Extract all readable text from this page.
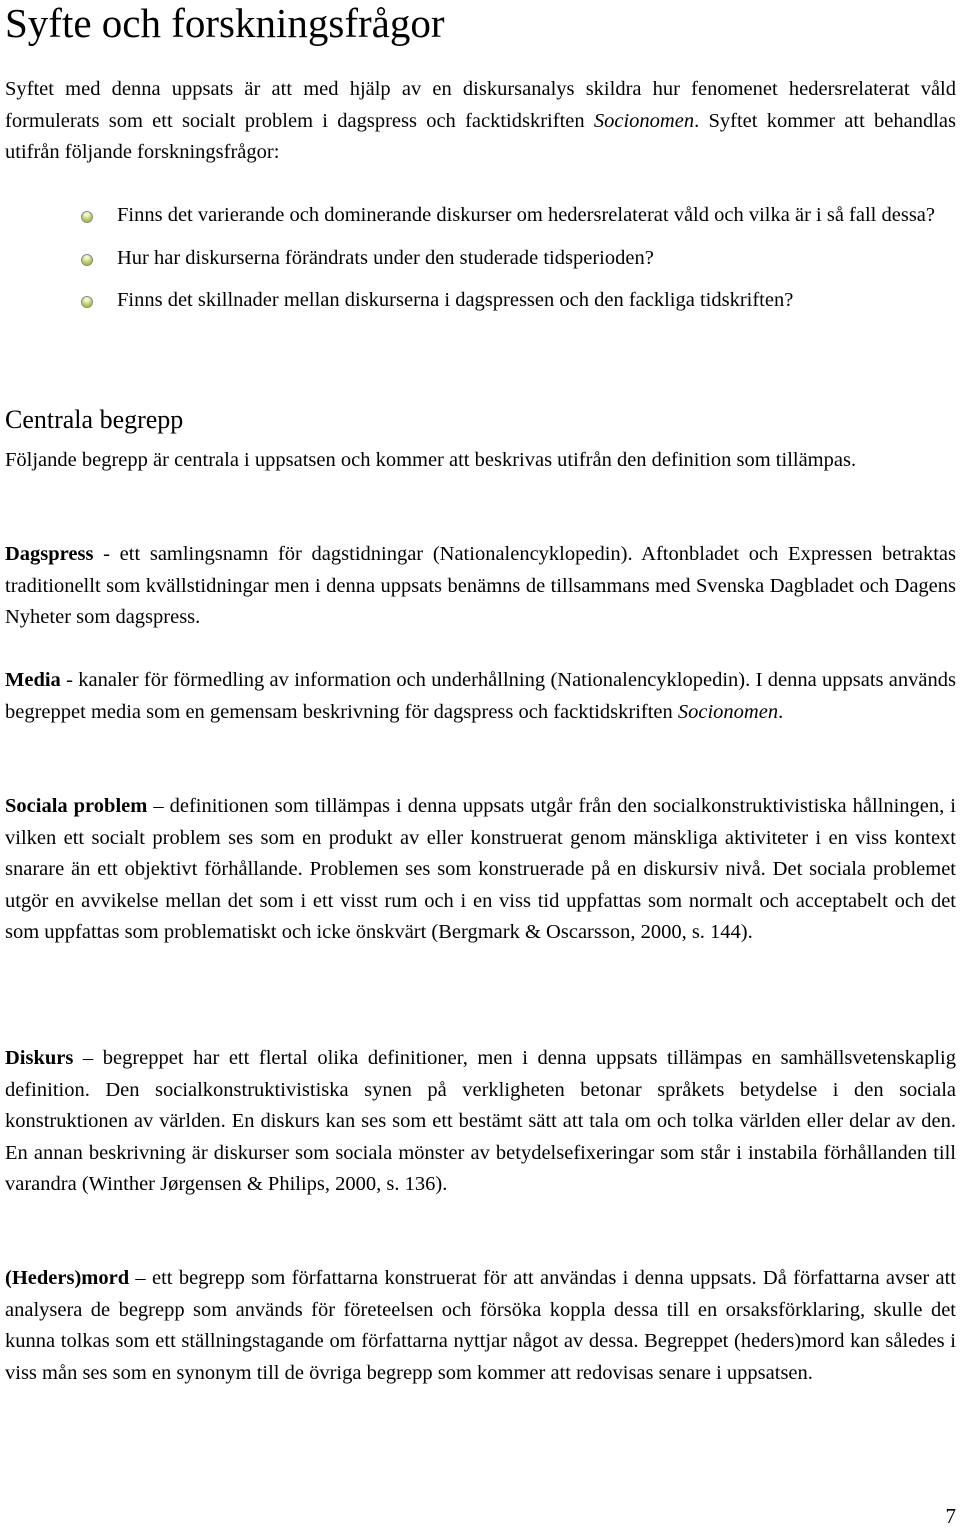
Syfte och forskningsfrågor

Syftet med denna uppsats är att med hjälp av en diskursanalys skildra hur fenomenet hedersrelaterat våld formulerats som ett socialt problem i dagspress och facktidskriften Socionomen. Syftet kommer att behandlas utifrån följande forskningsfrågor:

Finns det varierande och dominerande diskurser om hedersrelaterat våld och vilka är i så fall dessa?
Hur har diskurserna förändrats under den studerade tidsperioden?
Finns det skillnader mellan diskurserna i dagspressen och den fackliga tidskriften?
Centrala begrepp

Följande begrepp är centrala i uppsatsen och kommer att beskrivas utifrån den definition som tillämpas.

Dagspress - ett samlingsnamn för dagstidningar (Nationalencyklopedin). Aftonbladet och Expressen betraktas traditionellt som kvällstidningar men i denna uppsats benämns de tillsammans med Svenska Dagbladet och Dagens Nyheter som dagspress.

Media - kanaler för förmedling av information och underhållning (Nationalencyklopedin). I denna uppsats används begreppet media som en gemensam beskrivning för dagspress och facktidskriften Socionomen.

Sociala problem – definitionen som tillämpas i denna uppsats utgår från den socialkonstruktivistiska hållningen, i vilken ett socialt problem ses som en produkt av eller konstruerat genom mänskliga aktiviteter i en viss kontext snarare än ett objektivt förhållande. Problemen ses som konstruerade på en diskursiv nivå. Det sociala problemet utgör en avvikelse mellan det som i ett visst rum och i en viss tid uppfattas som normalt och acceptabelt och det som uppfattas som problematiskt och icke önskvärt (Bergmark & Oscarsson, 2000, s. 144).

Diskurs – begreppet har ett flertal olika definitioner, men i denna uppsats tillämpas en samhällsvetenskaplig definition. Den socialkonstruktivistiska synen på verkligheten betonar språkets betydelse i den sociala konstruktionen av världen. En diskurs kan ses som ett bestämt sätt att tala om och tolka världen eller delar av den. En annan beskrivning är diskurser som sociala mönster av betydelsefixeringar som står i instabila förhållanden till varandra (Winther Jørgensen & Philips, 2000, s. 136).

(Heders)mord – ett begrepp som författarna konstruerat för att användas i denna uppsats. Då författarna avser att analysera de begrepp som används för företeelsen och försöka koppla dessa till en orsaksförklaring, skulle det kunna tolkas som ett ställningstagande om författarna nyttjar något av dessa. Begreppet (heders)mord kan således i viss mån ses som en synonym till de övriga begrepp som kommer att redovisas senare i uppsatsen.

7
